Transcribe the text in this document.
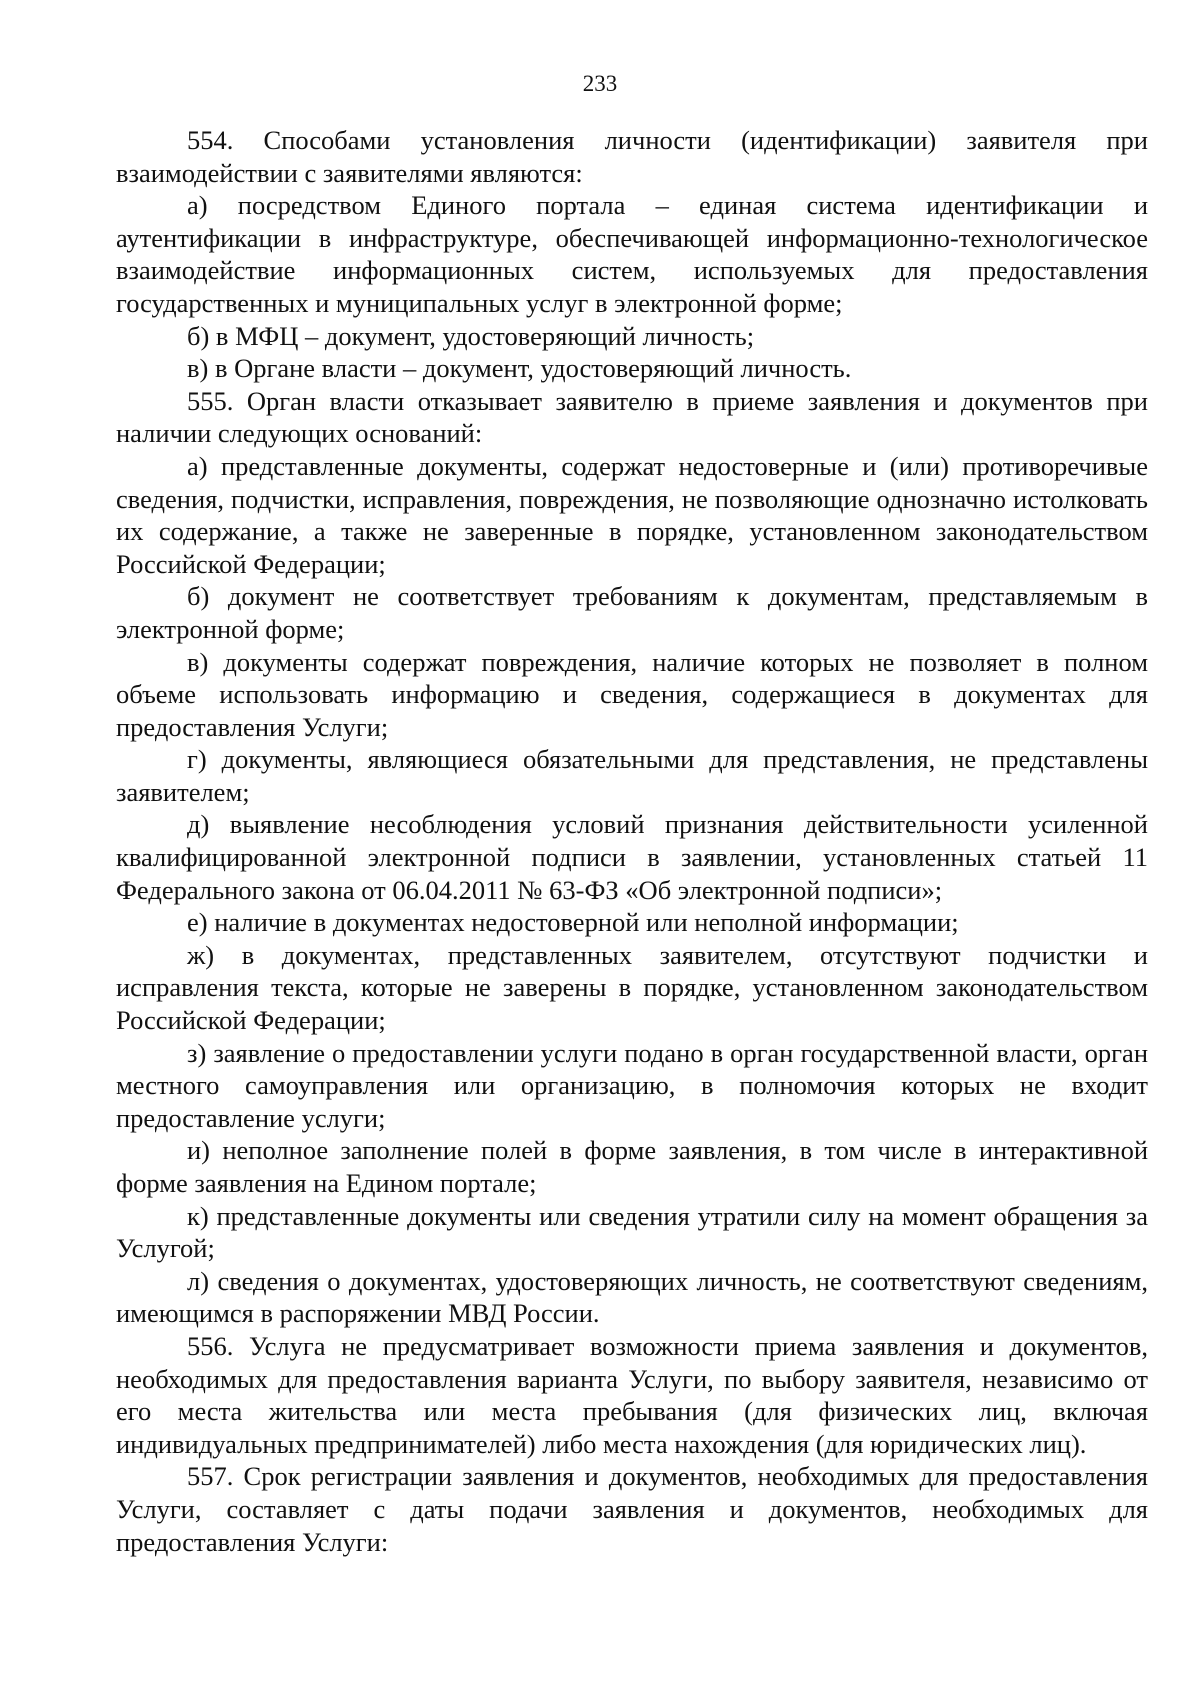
233

554. Способами установления личности (идентификации) заявителя при взаимодействии с заявителями являются:

а) посредством Единого портала – единая система идентификации и аутентификации в инфраструктуре, обеспечивающей информационно-технологическое взаимодействие информационных систем, используемых для предоставления государственных и муниципальных услуг в электронной форме;

б) в МФЦ – документ, удостоверяющий личность;

в) в Органе власти – документ, удостоверяющий личность.

555. Орган власти отказывает заявителю в приеме заявления и документов при наличии следующих оснований:

а) представленные документы, содержат недостоверные и (или) противоречивые сведения, подчистки, исправления, повреждения, не позволяющие однозначно истолковать их содержание, а также не заверенные в порядке, установленном законодательством Российской Федерации;

б) документ не соответствует требованиям к документам, представляемым в электронной форме;

в) документы содержат повреждения, наличие которых не позволяет в полном объеме использовать информацию и сведения, содержащиеся в документах для предоставления Услуги;

г) документы, являющиеся обязательными для представления, не представлены заявителем;

д) выявление несоблюдения условий признания действительности усиленной квалифицированной электронной подписи в заявлении, установленных статьей 11 Федерального закона от 06.04.2011 № 63-ФЗ «Об электронной подписи»;

е) наличие в документах недостоверной или неполной информации;

ж) в документах, представленных заявителем, отсутствуют подчистки и исправления текста, которые не заверены в порядке, установленном законодательством Российской Федерации;

з) заявление о предоставлении услуги подано в орган государственной власти, орган местного самоуправления или организацию, в полномочия которых не входит предоставление услуги;

и) неполное заполнение полей в форме заявления, в том числе в интерактивной форме заявления на Едином портале;

к) представленные документы или сведения утратили силу на момент обращения за Услугой;

л) сведения о документах, удостоверяющих личность, не соответствуют сведениям, имеющимся в распоряжении МВД России.

556. Услуга не предусматривает возможности приема заявления и документов, необходимых для предоставления варианта Услуги, по выбору заявителя, независимо от его места жительства или места пребывания (для физических лиц, включая индивидуальных предпринимателей) либо места нахождения (для юридических лиц).

557. Срок регистрации заявления и документов, необходимых для предоставления Услуги, составляет с даты подачи заявления и документов, необходимых для предоставления Услуги:
